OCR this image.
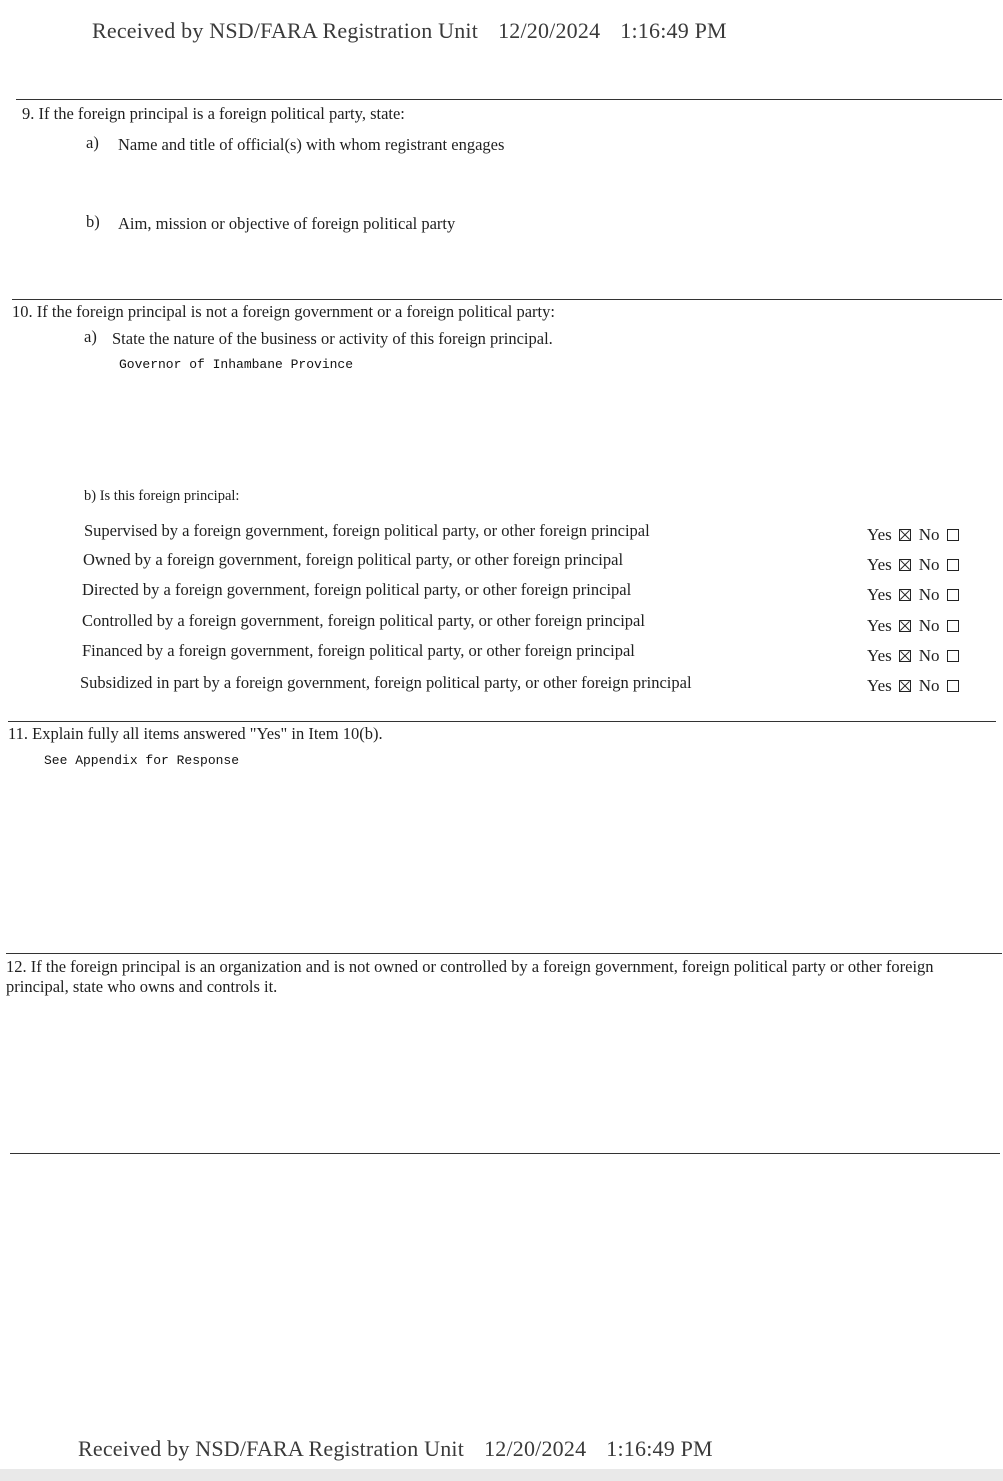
Received by NSD/FARA Registration Unit 12/20/2024 1:16:49 PM
9. If the foreign principal is a foreign political party, state:
a) Name and title of official(s) with whom registrant engages
b) Aim, mission or objective of foreign political party
10. If the foreign principal is not a foreign government or a foreign political party:
a) State the nature of the business or activity of this foreign principal.
Governor of Inhambane Province
b) Is this foreign principal:
Supervised by a foreign government, foreign political party, or other foreign principal
Owned by a foreign government, foreign political party, or other foreign principal
Directed by a foreign government, foreign political party, or other foreign principal
Controlled by a foreign government, foreign political party, or other foreign principal
Financed by a foreign government, foreign political party, or other foreign principal
Subsidized in part by a foreign government, foreign political party, or other foreign principal
Yes No
Yes No
Yes No
Yes No
Yes No
Yes No
11. Explain fully all items answered "Yes" in Item 10(b).
See Appendix for Response
12. If the foreign principal is an organization and is not owned or controlled by a foreign government, foreign political party or other foreign principal, state who owns and controls it.
Received by NSD/FARA Registration Unit 12/20/2024 1:16:49 PM
